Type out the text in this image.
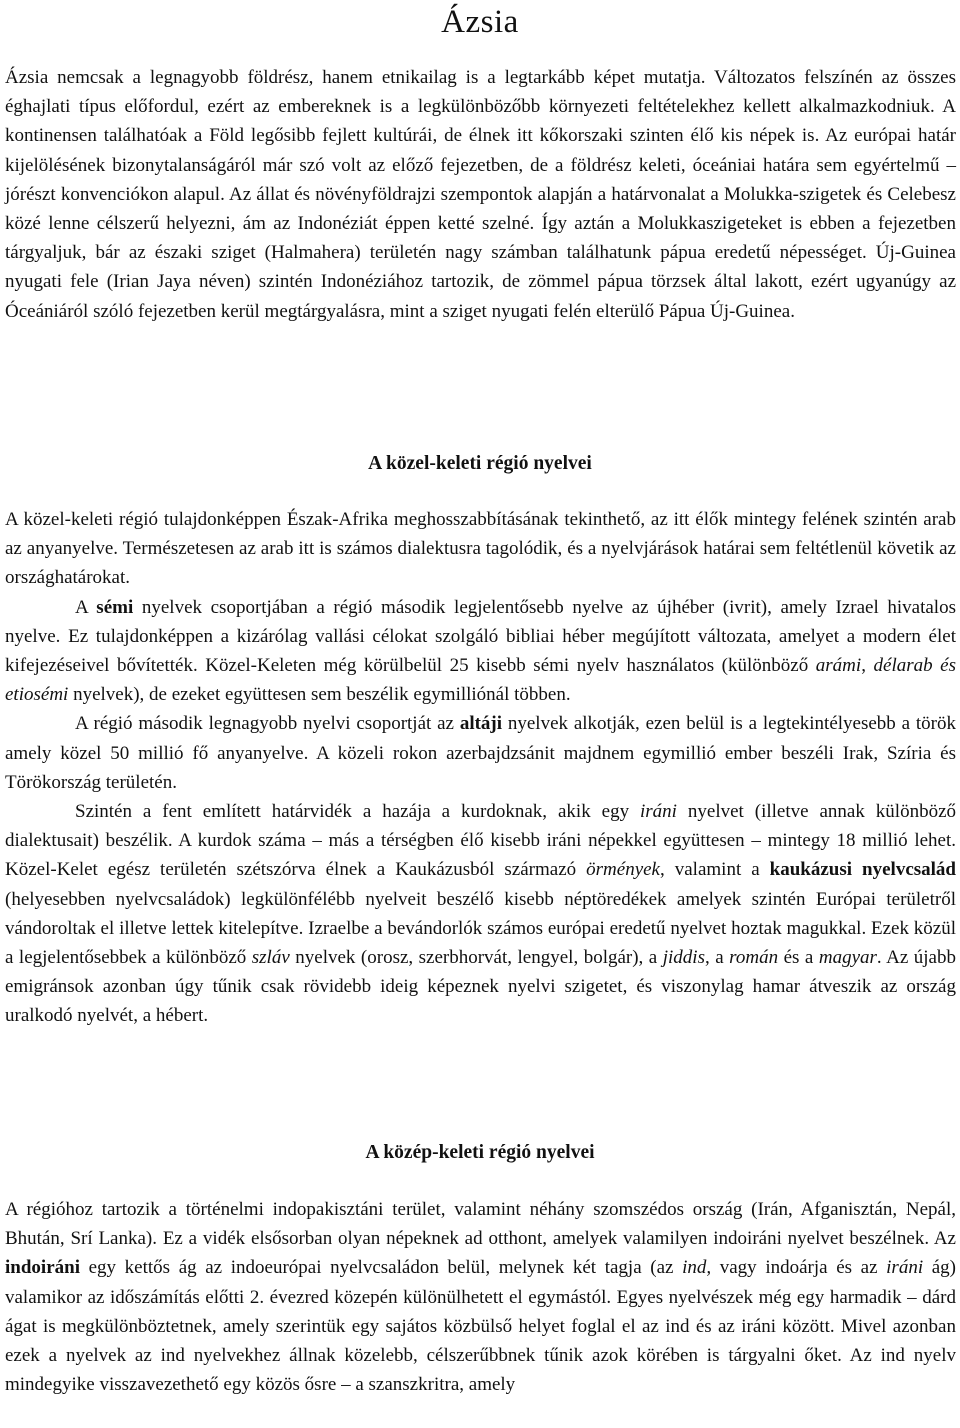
Ázsia

Ázsia nemcsak a legnagyobb földrész, hanem etnikailag is a legtarkább képet mutatja. Változatos felszínén az összes éghajlati típus előfordul, ezért az embereknek is a legkülönbözőbb környezeti feltételekhez kellett alkalmazkodniuk. A kontinensen találhatóak a Föld legősibb fejlett kultúrái, de élnek itt kőkorszaki szinten élő kis népek is. Az európai határ kijelölésének bizonytalanságáról már szó volt az előző fejezetben, de a földrész keleti, óceániai határa sem egyértelmű – jórészt konvenciókon alapul. Az állat és növényföldrajzi szempontok alapján a határvonalat a Molukka-szigetek és Celebesz közé lenne célszerű helyezni, ám az Indonéziát éppen ketté szelné. Így aztán a Molukkaszigeteket is ebben a fejezetben tárgyaljuk, bár az északi sziget (Halmahera) területén nagy számban találhatunk pápua eredetű népességet. Új-Guinea nyugati fele (Irian Jaya néven) szintén Indonéziához tartozik, de zömmel pápua törzsek által lakott, ezért ugyanúgy az Óceániáról szóló fejezetben kerül megtárgyalásra, mint a sziget nyugati felén elterülő Pápua Új-Guinea.

A közel-keleti régió nyelvei

A közel-keleti régió tulajdonképpen Észak-Afrika meghosszabbításának tekinthető, az itt élők mintegy felének szintén arab az anyanyelve. Természetesen az arab itt is számos dialektusra tagolódik, és a nyelvjárások határai sem feltétlenül követik az országhatárokat.

A sémi nyelvek csoportjában a régió második legjelentősebb nyelve az újhéber (ivrit), amely Izrael hivatalos nyelve. Ez tulajdonképpen a kizárólag vallási célokat szolgáló bibliai héber megújított változata, amelyet a modern élet kifejezéseivel bővítették. Közel-Keleten még körülbelül 25 kisebb sémi nyelv használatos (különböző arámi, délarab és etiosémi nyelvek), de ezeket együttesen sem beszélik egymilliónál többen.

A régió második legnagyobb nyelvi csoportját az altáji nyelvek alkotják, ezen belül is a legtekintélyesebb a török amely közel 50 millió fő anyanyelve. A közeli rokon azerbajdzsánit majdnem egymillió ember beszéli Irak, Szíria és Törökország területén.

Szintén a fent említett határvidék a hazája a kurdoknak, akik egy iráni nyelvet (illetve annak különböző dialektusait) beszélik. A kurdok száma – más a térségben élő kisebb iráni népekkel együttesen – mintegy 18 millió lehet. Közel-Kelet egész területén szétszórva élnek a Kaukázusból származó örmények, valamint a kaukázusi nyelvcsalád (helyesebben nyelvcsaládok) legkülönfélébb nyelveit beszélő kisebb néptöredékek amelyek szintén Európai területről vándoroltak el illetve lettek kitelepítve. Izraelbe a bevándorlók számos európai eredetű nyelvet hoztak magukkal. Ezek közül a legjelentősebbek a különböző szláv nyelvek (orosz, szerbhorvát, lengyel, bolgár), a jiddis, a román és a magyar. Az újabb emigránsok azonban úgy tűnik csak rövidebb ideig képeznek nyelvi szigetet, és viszonylag hamar átveszik az ország uralkodó nyelvét, a hébert.

A közép-keleti régió nyelvei

A régióhoz tartozik a történelmi indopakisztáni terület, valamint néhány szomszédos ország (Irán, Afganisztán, Nepál, Bhután, Srí Lanka). Ez a vidék elsősorban olyan népeknek ad otthont, amelyek valamilyen indoiráni nyelvet beszélnek. Az indoiráni egy kettős ág az indoeurópai nyelvcsaládon belül, melynek két tagja (az ind, vagy indoárja és az iráni ág) valamikor az időszámítás előtti 2. évezred közepén különülhetett el egymástól. Egyes nyelvészek még egy harmadik – dárd ágat is megkülönböztetnek, amely szerintük egy sajátos közbülső helyet foglal el az ind és az iráni között. Mivel azonban ezek a nyelvek az ind nyelvekhez állnak közelebb, célszerűbbnek tűnik azok körében is tárgyalni őket. Az ind nyelv mindegyike visszavezethető egy közös ősre – a szanszkritra, amely
